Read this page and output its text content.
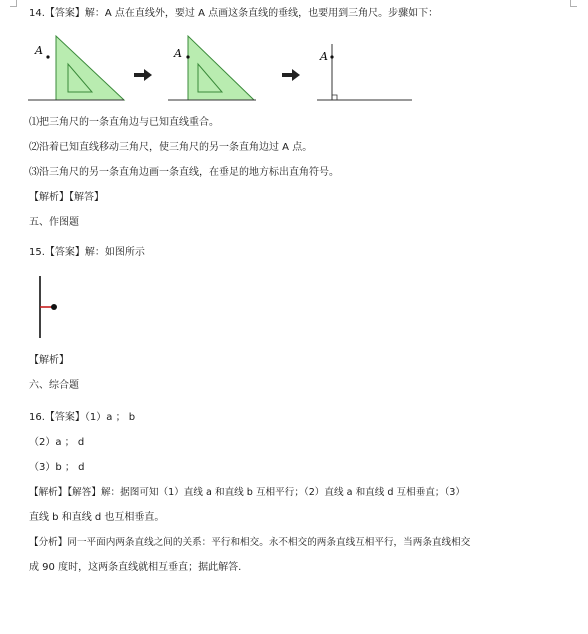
14.【答案】解：A 点在直线外，要过 A 点画这条直线的垂线，也要用到三角尺。步骤如下：
A	A	A
⑴把三角尺的一条直角边与已知直线重合。
⑵沿着已知直线移动三角尺，使三角尺的另一条直角边过 A 点。
⑶沿三角尺的另一条直角边画一条直线，在垂足的地方标出直角符号。
【解析】【解答】
五、作图题
15.【答案】解：如图所示
【解析】
六、综合题
16.【答案】（1）a ； b
（2）a ； d
（3）b ； d
【解析】【解答】解：据图可知（1）直线 a 和直线 b 互相平行；（2）直线 a 和直线 d 互相垂直；（3）
直线 b 和直线 d 也互相垂直。
【分析】同一平面内两条直线之间的关系：平行和相交。永不相交的两条直线互相平行，当两条直线相交
成 90 度时，这两条直线就相互垂直；据此解答.
